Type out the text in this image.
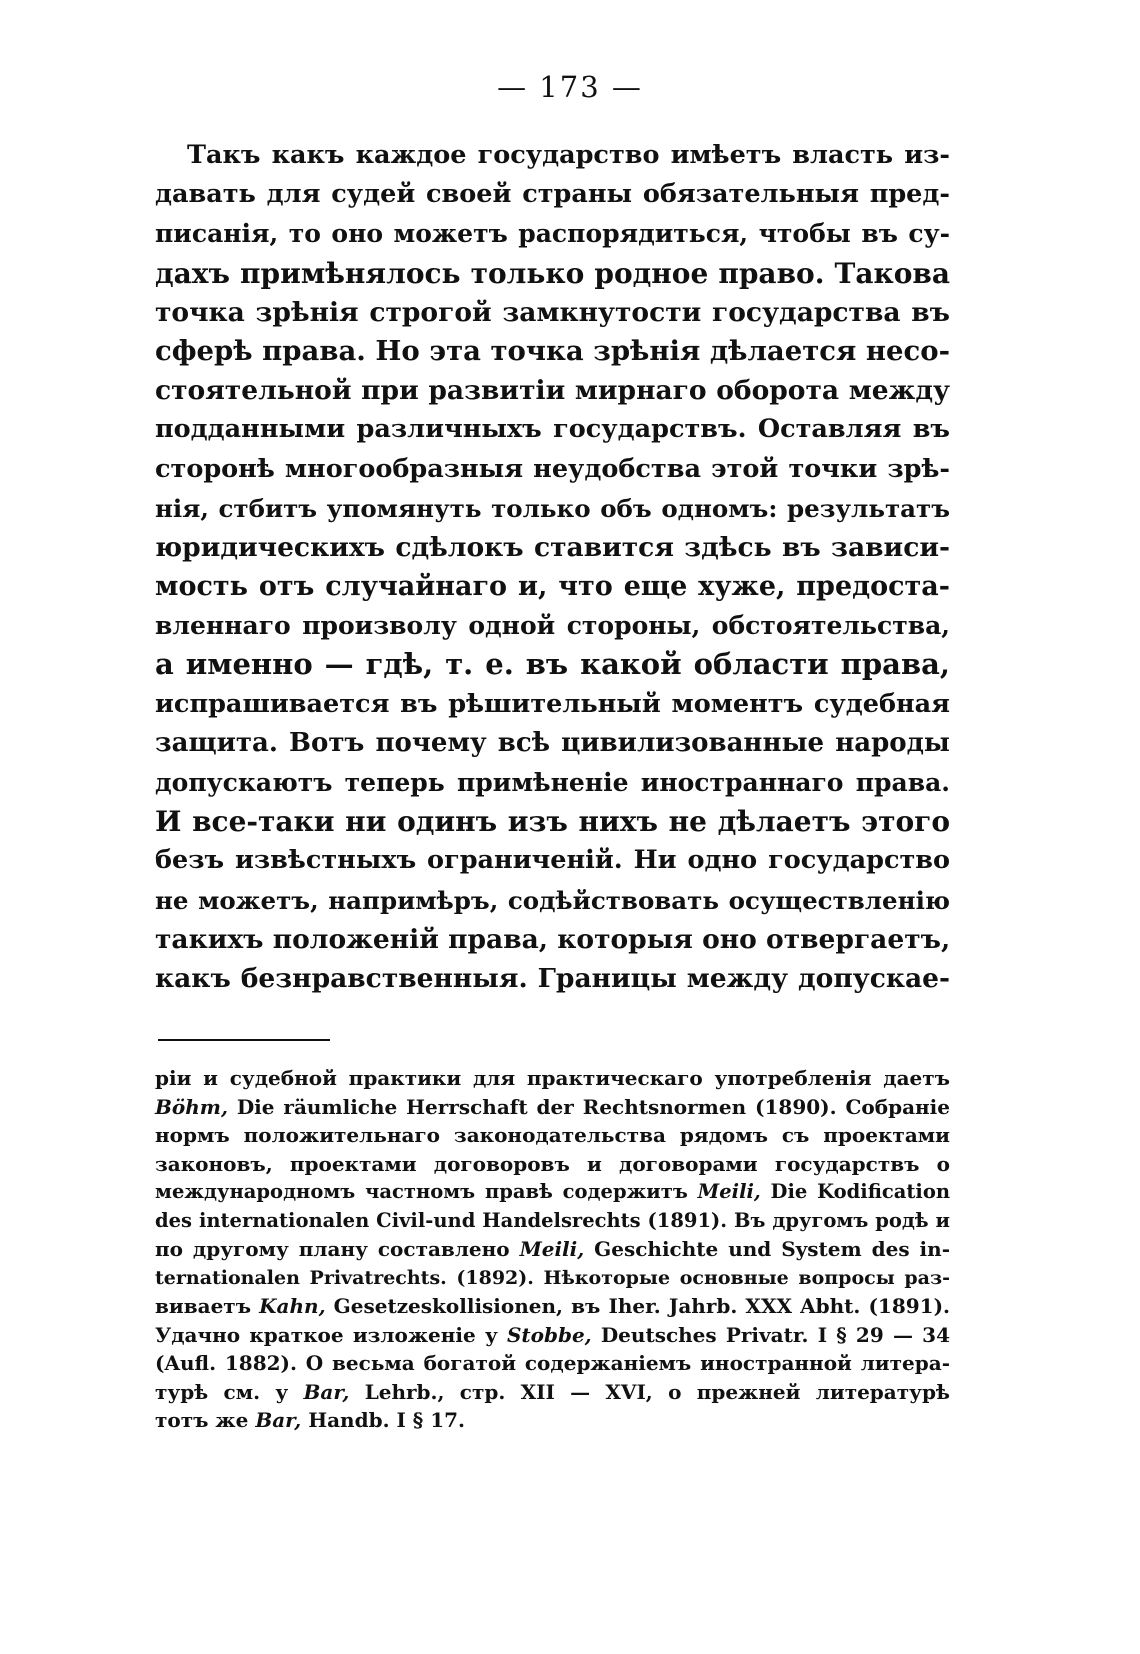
— 173 —
Такъ какъ каждое государство имѣетъ власть из-
давать для судей своей страны обязательныя пред-
писанія, то оно можетъ распорядиться, чтобы въ су-
дахъ примѣнялось только родное право. Такова
точка зрѣнія строгой замкнутости государства въ
сферѣ права. Но эта точка зрѣнія дѣлается несо-
стоятельной при развитіи мирнаго оборота между
подданными различныхъ государствъ. Оставляя въ
сторонѣ многообразныя неудобства этой точки зрѣ-
нія, стбитъ упомянуть только объ одномъ: результатъ
юридическихъ сдѣлокъ ставится здѣсь въ зависи-
мость отъ случайнаго и, что еще хуже, предоста-
вленнаго произволу одной стороны, обстоятельства,
а именно — гдѣ, т. е. въ какой области права,
испрашивается въ рѣшительный моментъ судебная
защита. Вотъ почему всѣ цивилизованные народы
допускаютъ теперь примѣненіе иностраннаго права.
И все-таки ни одинъ изъ нихъ не дѣлаетъ этого
безъ извѣстныхъ ограниченій. Ни одно государство
не можетъ, напримѣръ, содѣйствовать осуществленію
такихъ положеній права, которыя оно отвергаетъ,
какъ безнравственныя. Границы между допускае-
ріи и судебной практики для практическаго употребленія даетъ
Böhm, Die räumliche Herrschaft der Rechtsnormen (1890). Собраніе
нормъ положительнаго законодательства рядомъ съ проектами
законовъ, проектами договоровъ и договорами государствъ о
международномъ частномъ правѣ содержитъ Meili, Die Kodification
des internationalen Civil-und Handelsrechts (1891). Въ другомъ родѣ и
по другому плану составлено Meili, Geschichte und System des in-
ternationalen Privatrechts. (1892). Нѣкоторые основные вопросы раз-
виваетъ Kahn, Gesetzeskollisionen, въ Iher. Jahrb. XXX Abht. (1891).
Удачно краткое изложеніе у Stobbe, Deutsches Privatr. I § 29 — 34
(Aufl. 1882). О весьма богатой содержаніемъ иностранной литера-
турѣ см. у Bar, Lehrb., стр. XII — XVI, о прежней литературѣ
тотъ же Bar, Handb. I § 17.
